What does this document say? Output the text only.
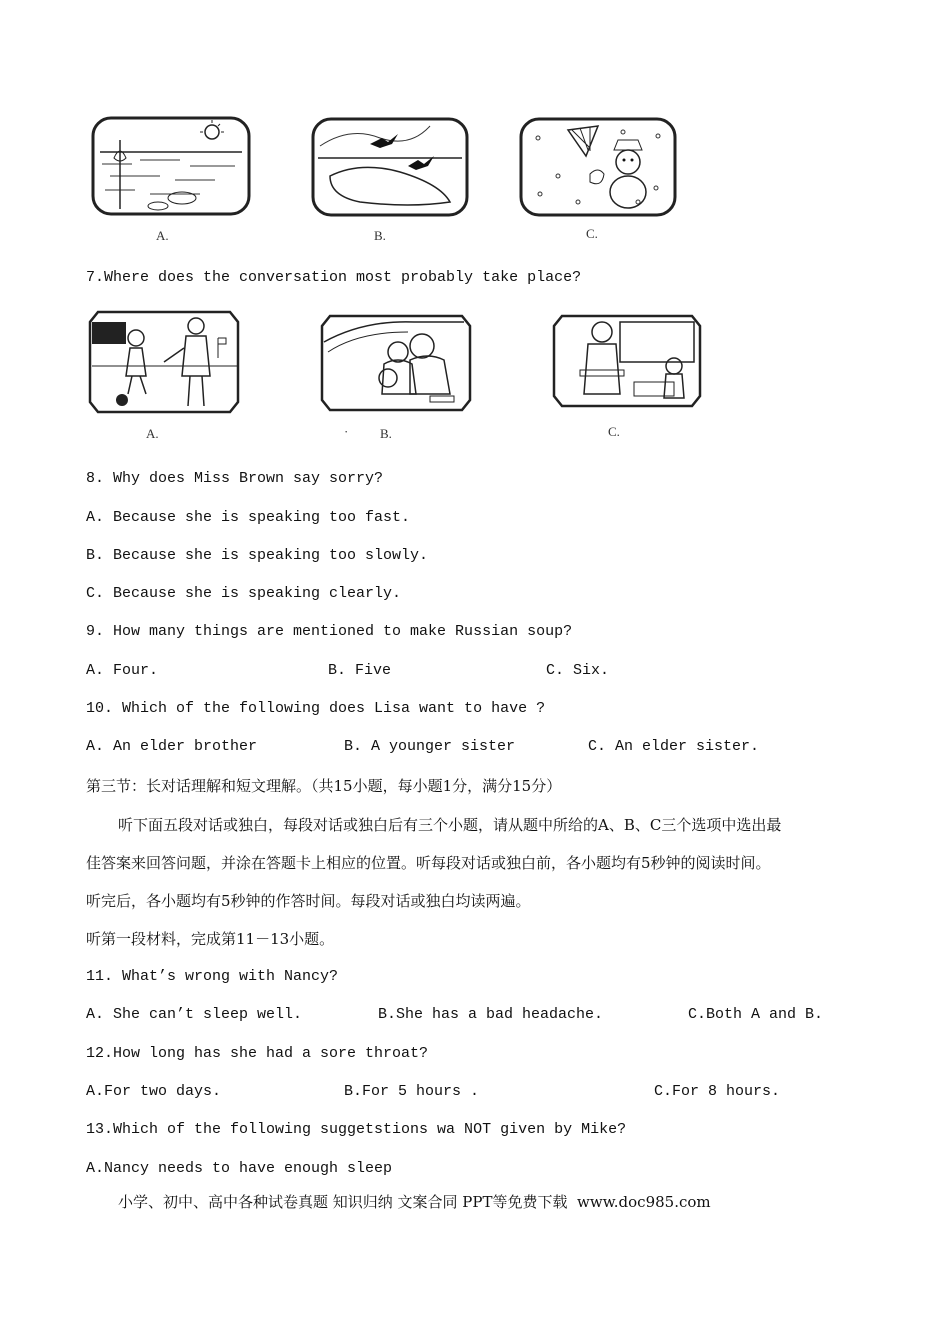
A.	B.	C.
7.Where does the conversation most probably take place?
A.	· B.	C.
8. Why does Miss Brown say sorry?
A. Because she is speaking too fast.
B. Because she is speaking too slowly.
C. Because she is speaking clearly.
9. How many things are mentioned to make Russian soup?
A. Four.	B. Five	C. Six.
10. Which of the following does Lisa want to have ?
A. An elder brother	B. A younger sister	C. An elder sister.
第三节：长对话理解和短文理解。（共15小题，每小题1分，满分15分）
听下面五段对话或独白，每段对话或独白后有三个小题，请从题中所给的A、B、C三个选项中选出最
佳答案来回答问题，并涂在答题卡上相应的位置。听每段对话或独白前，各小题均有5秒钟的阅读时间。
听完后，各小题均有5秒钟的作答时间。每段对话或独白均读两遍。
听第一段材料，完成第11－13小题。
11. What’s wrong with Nancy?
A. She can’t sleep well.	B.She has a bad headache.	C.Both A and B.
12.How long has she had a sore throat?
A.For two days.	B.For 5 hours .	C.For 8 hours.
13.Which of the following suggetstions wa NOT given by Mike?
A.Nancy needs to have enough sleep
小学、初中、高中各种试卷真题 知识归纳 文案合同 PPT等免费下载  www.doc985.com
